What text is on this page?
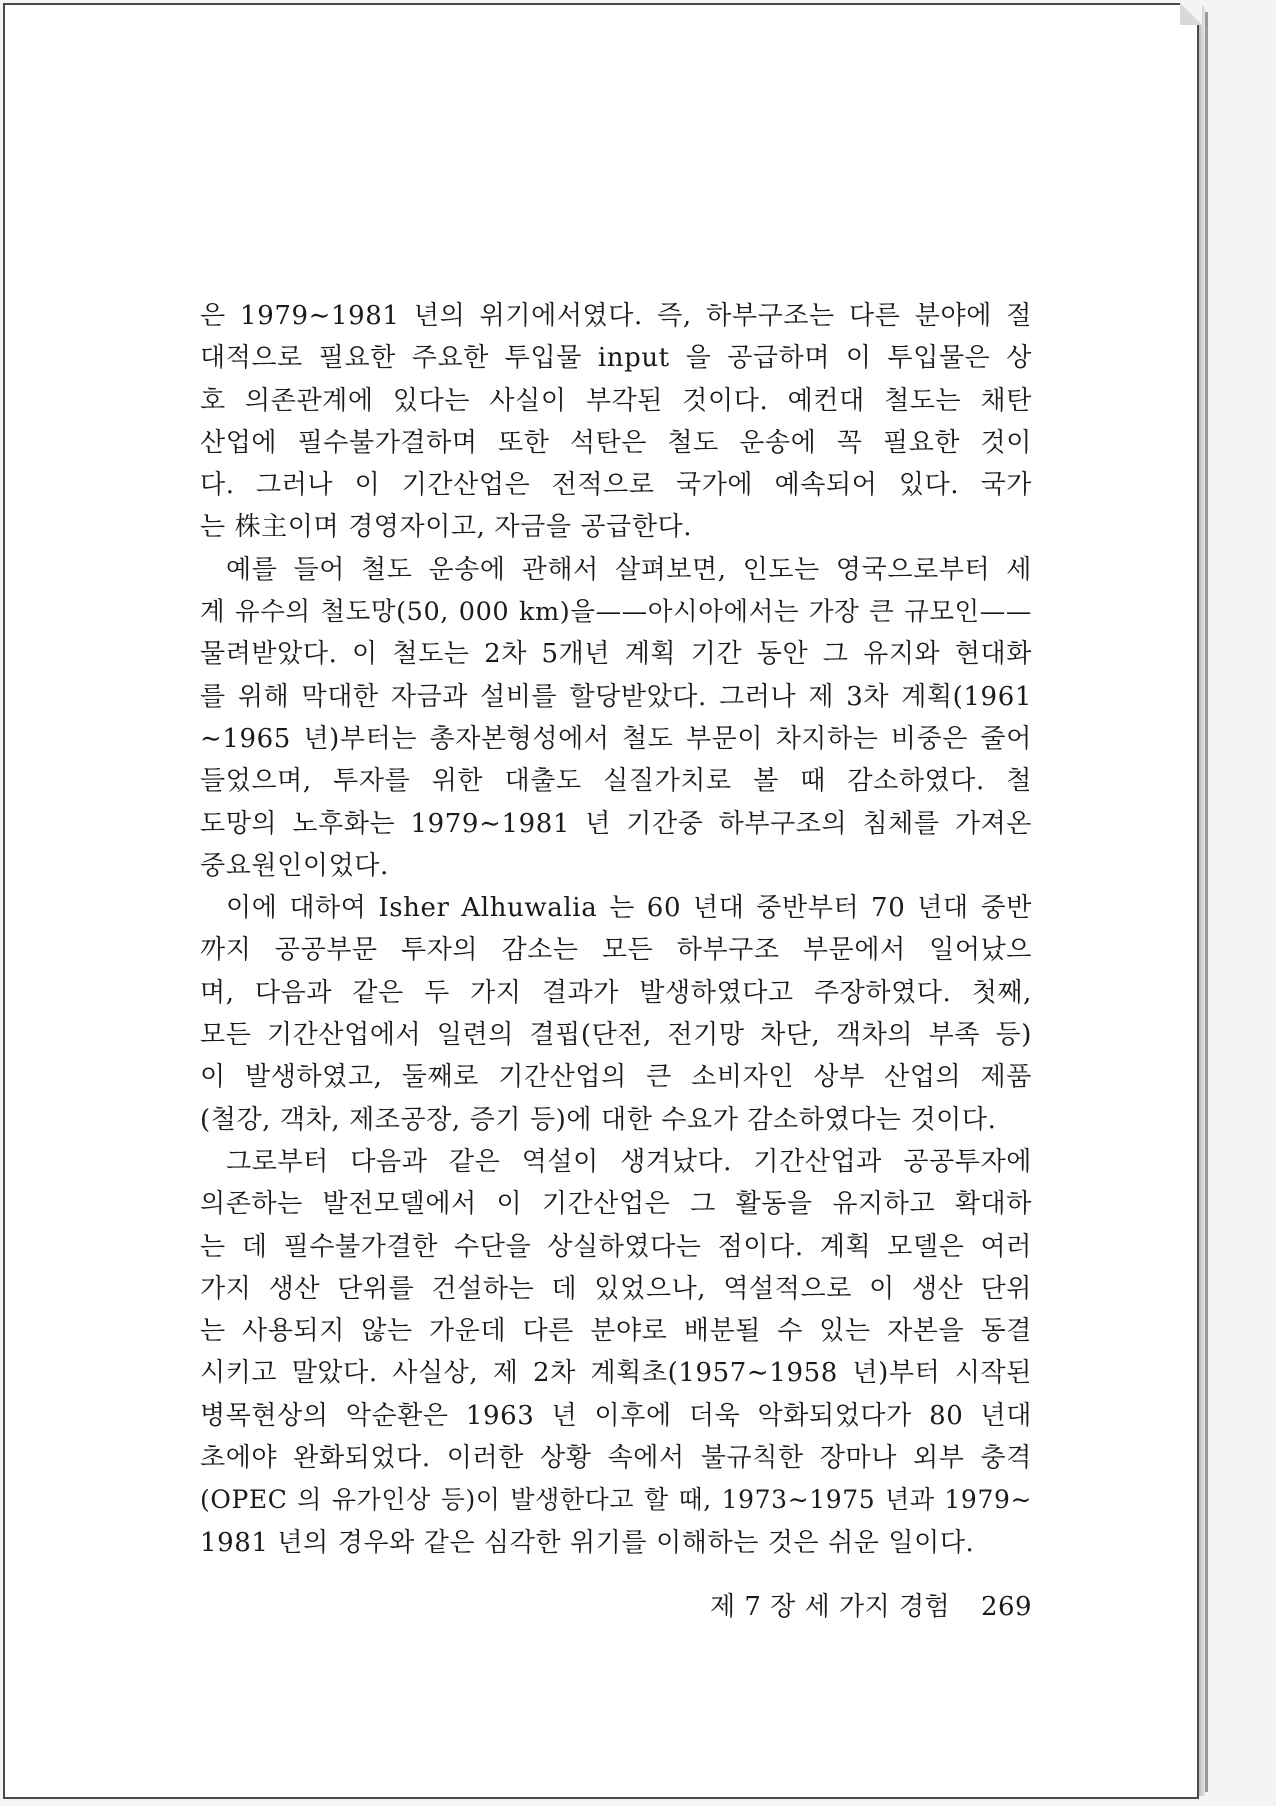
은 1979∼1981 년의 위기에서였다. 즉, 하부구조는 다른 분야에 절
대적으로 필요한 주요한 투입물 input 을 공급하며 이 투입물은 상
호 의존관계에 있다는 사실이 부각된 것이다. 예컨대 철도는 채탄
산업에 필수불가결하며 또한 석탄은 철도 운송에 꼭 필요한 것이
다. 그러나 이 기간산업은 전적으로 국가에 예속되어 있다. 국가
는 株主이며 경영자이고, 자금을 공급한다.

예를 들어 철도 운송에 관해서 살펴보면, 인도는 영국으로부터 세
계 유수의 철도망(50, 000 km)을——아시아에서는 가장 큰 규모인——
물려받았다. 이 철도는 2차 5개년 계획 기간 동안 그 유지와 현대화
를 위해 막대한 자금과 설비를 할당받았다. 그러나 제 3차 계획(1961
∼1965 년)부터는 총자본형성에서 철도 부문이 차지하는 비중은 줄어
들었으며, 투자를 위한 대출도 실질가치로 볼 때 감소하였다. 철
도망의 노후화는 1979∼1981 년 기간중 하부구조의 침체를 가져온
중요원인이었다.

이에 대하여 Isher Alhuwalia 는 60 년대 중반부터 70 년대 중반
까지 공공부문 투자의 감소는 모든 하부구조 부문에서 일어났으
며, 다음과 같은 두 가지 결과가 발생하였다고 주장하였다. 첫째,
모든 기간산업에서 일련의 결핍(단전, 전기망 차단, 객차의 부족 등)
이 발생하였고, 둘째로 기간산업의 큰 소비자인 상부 산업의 제품
(철강, 객차, 제조공장, 증기 등)에 대한 수요가 감소하였다는 것이다.

그로부터 다음과 같은 역설이 생겨났다. 기간산업과 공공투자에
의존하는 발전모델에서 이 기간산업은 그 활동을 유지하고 확대하
는 데 필수불가결한 수단을 상실하였다는 점이다. 계획 모델은 여러
가지 생산 단위를 건설하는 데 있었으나, 역설적으로 이 생산 단위
는 사용되지 않는 가운데 다른 분야로 배분될 수 있는 자본을 동결
시키고 말았다. 사실상, 제 2차 계획초(1957∼1958 년)부터 시작된
병목현상의 악순환은 1963 년 이후에 더욱 악화되었다가 80 년대
초에야 완화되었다. 이러한 상황 속에서 불규칙한 장마나 외부 충격
(OPEC 의 유가인상 등)이 발생한다고 할 때, 1973∼1975 년과 1979∼
1981 년의 경우와 같은 심각한 위기를 이해하는 것은 쉬운 일이다.

제 7 장 세 가지 경험 269
